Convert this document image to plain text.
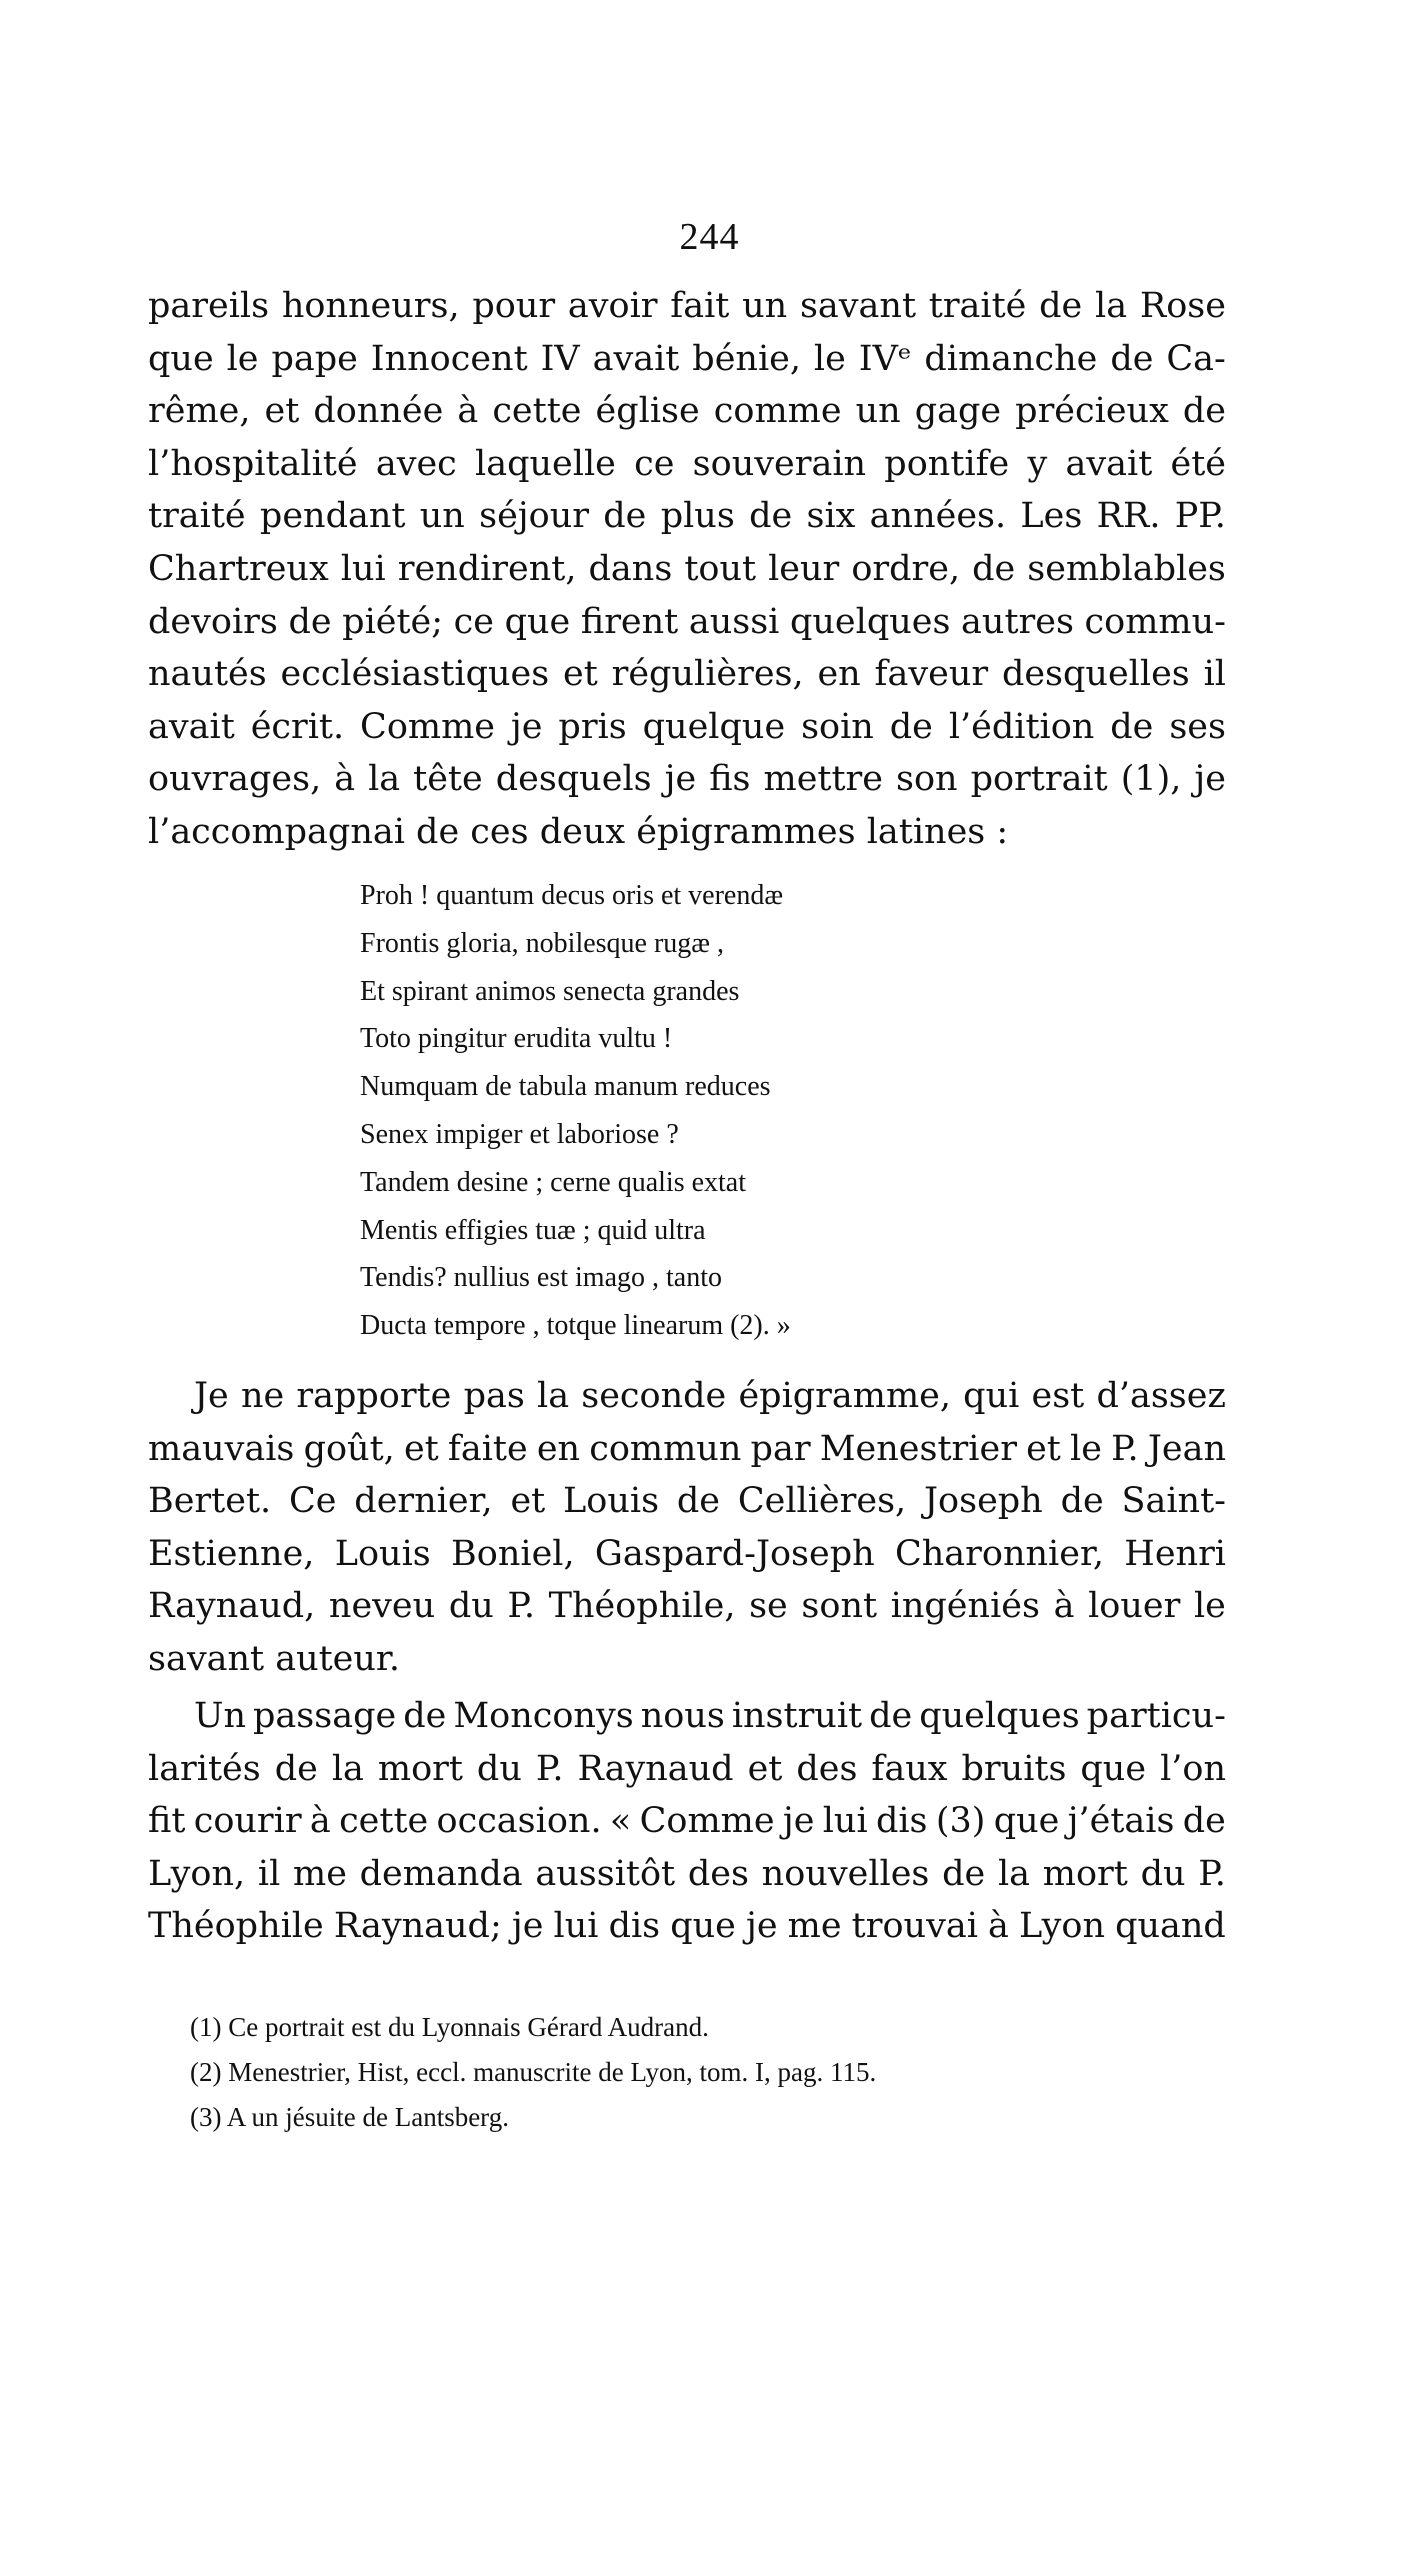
244
pareils honneurs, pour avoir fait un savant traité de la Rose
que le pape Innocent IV avait bénie, le IVᵉ dimanche de Ca-
rême, et donnée à cette église comme un gage précieux de
l’hospitalité avec laquelle ce souverain pontife y avait été
traité pendant un séjour de plus de six années. Les RR. PP.
Chartreux lui rendirent, dans tout leur ordre, de semblables
devoirs de piété; ce que firent aussi quelques autres commu-
nautés ecclésiastiques et régulières, en faveur desquelles il
avait écrit. Comme je pris quelque soin de l’édition de ses
ouvrages, à la tête desquels je fis mettre son portrait (1), je
l’accompagnai de ces deux épigrammes latines :
Proh ! quantum decus oris et verendæ
Frontis gloria, nobilesque rugæ ,
Et spirant animos senecta grandes
Toto pingitur erudita vultu !
Numquam de tabula manum reduces
Senex impiger et laboriose ?
Tandem desine ; cerne qualis extat
Mentis effigies tuæ ; quid ultra
Tendis? nullius est imago , tanto
Ducta tempore , totque linearum (2). »
Je ne rapporte pas la seconde épigramme, qui est d’assez
mauvais goût, et faite en commun par Menestrier et le P. Jean
Bertet. Ce dernier, et Louis de Cellières, Joseph de Saint-
Estienne, Louis Boniel, Gaspard-Joseph Charonnier, Henri
Raynaud, neveu du P. Théophile, se sont ingéniés à louer le
savant auteur.
Un passage de Monconys nous instruit de quelques particu-
larités de la mort du P. Raynaud et des faux bruits que l’on
fit courir à cette occasion. « Comme je lui dis (3) que j’étais de
Lyon, il me demanda aussitôt des nouvelles de la mort du P.
Théophile Raynaud; je lui dis que je me trouvai à Lyon quand
(1) Ce portrait est du Lyonnais Gérard Audrand.
(2) Menestrier, Hist, eccl. manuscrite de Lyon, tom. I, pag. 115.
(3) A un jésuite de Lantsberg.
